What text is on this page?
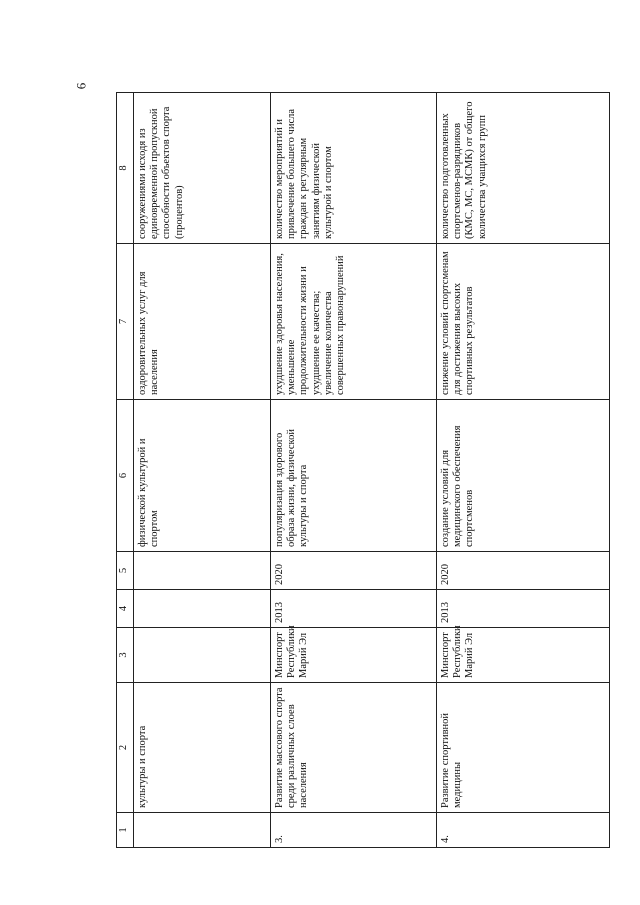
6
1	2	3	4	5	6	7	8
	культуры и спорта				физической культурой и спортом	оздоровительных услуг для населения	сооружениями исходя из единовременной пропускной способности объектов спорта (процентов)
3.	Развитие массового спорта среди различных слоев населения	Минспорт Республики Марий Эл	2013	2020	популяризация здорового образа жизни, физической культуры и спорта	ухудшение здоровья населения, уменьшение продолжительности жизни и ухудшение ее качества; увеличение количества совершенных правонарушений	количество мероприятий и привлечение большего числа граждан к регулярным занятиям физической культурой и спортом
4.	Развитие спортивной медицины	Минспорт Республики Марий Эл	2013	2020	создание условий для медицинского обеспечения спортсменов	снижение условий спортсменам для достижения высоких спортивных результатов	количество подготовленных спортсменов-разрядников (КМС, МС, МСМК) от общего количества учащихся групп
